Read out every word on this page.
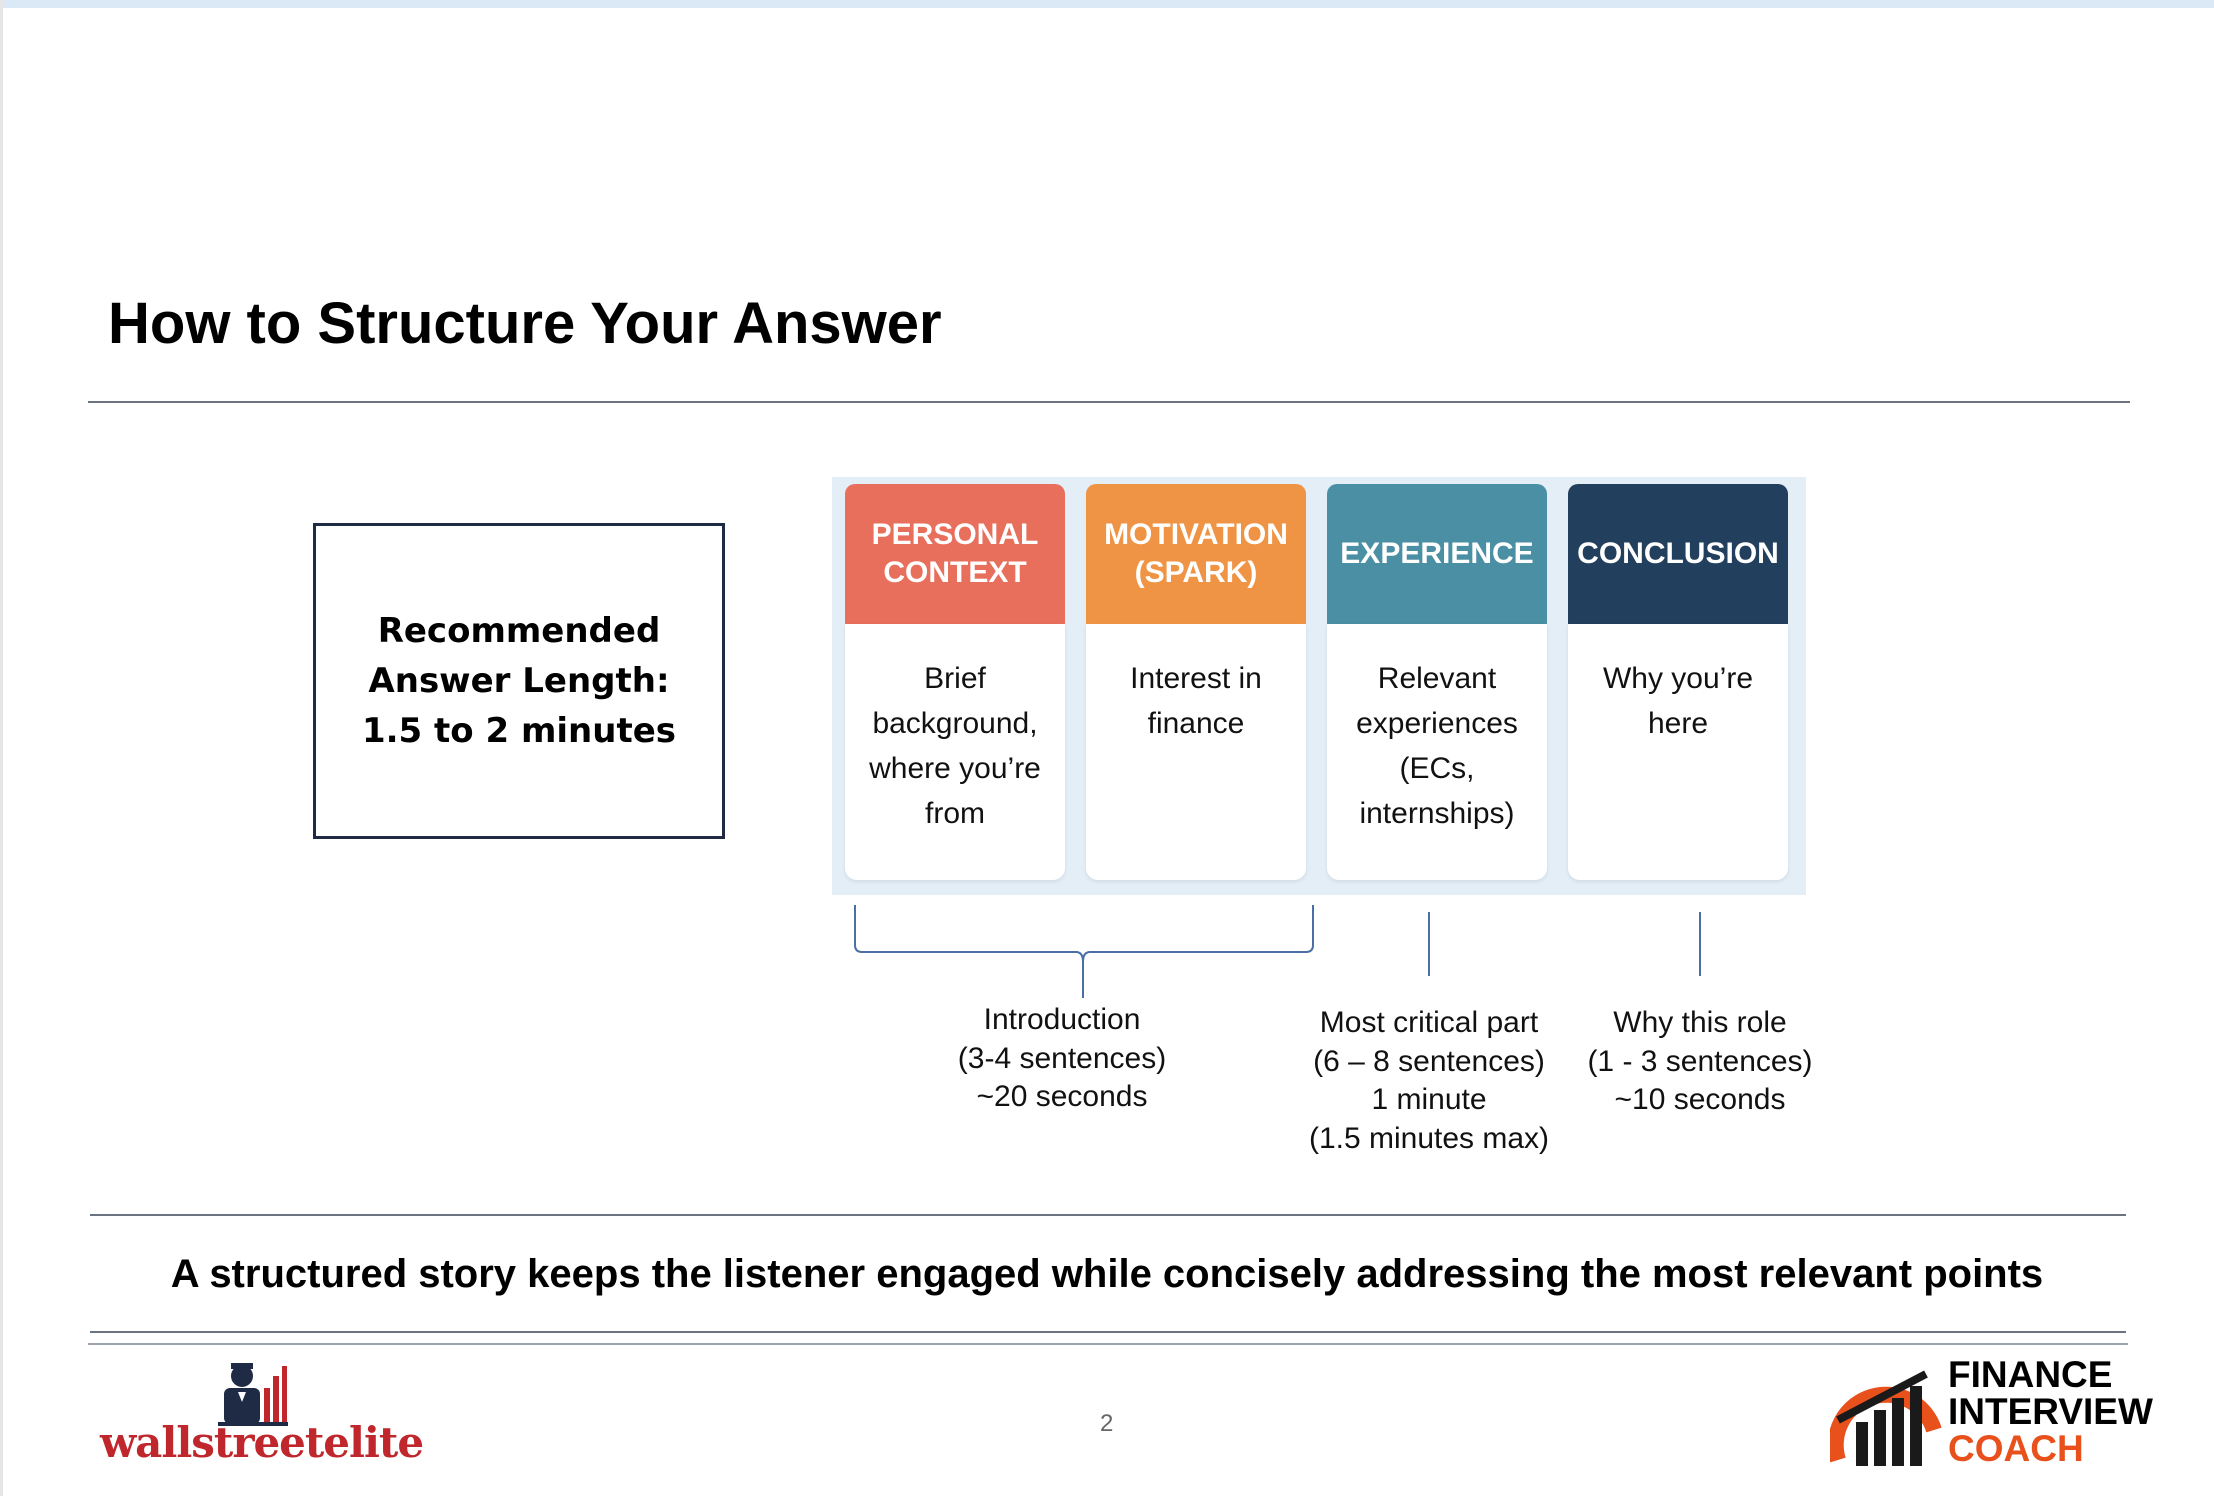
How to Structure Your Answer
Recommended
Answer Length:
1.5 to 2 minutes
PERSONAL
CONTEXT
Brief
background,
where you’re
from
MOTIVATION
(SPARK)
Interest in
finance
EXPERIENCE
Relevant
experiences
(ECs,
internships)
CONCLUSION
Why you’re
here
Introduction
(3-4 sentences)
~20 seconds
Most critical part
(6 – 8 sentences)
1 minute
(1.5 minutes max)
Why this role
(1 - 3 sentences)
~10 seconds
A structured story keeps the listener engaged while concisely addressing the most relevant points
wallstreetelite	2
FINANCE
INTERVIEW
COACH
